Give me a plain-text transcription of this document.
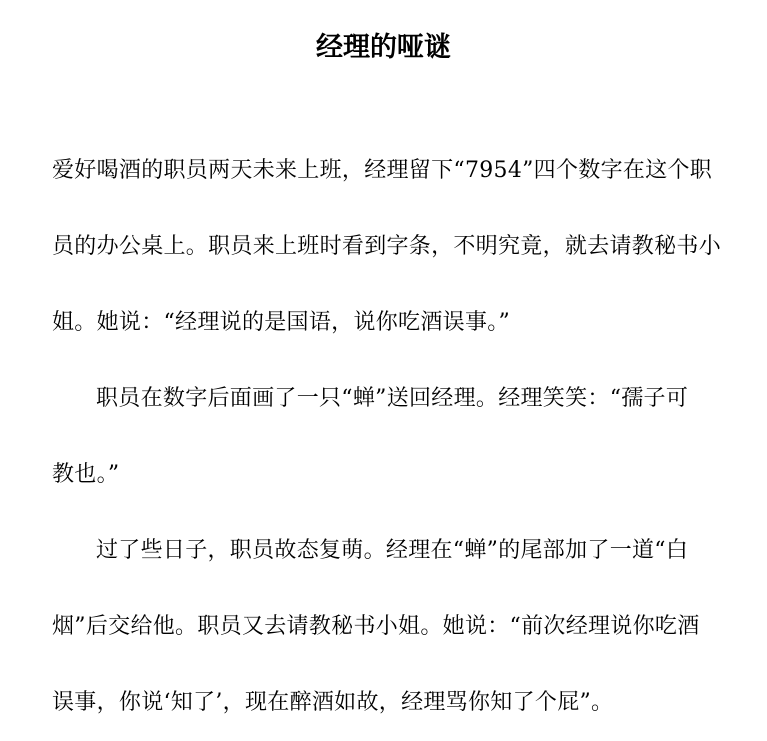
经理的哑谜
爱好喝酒的职员两天未来上班，经理留下“7954”四个数字在这个职
员的办公桌上。职员来上班时看到字条，不明究竟，就去请教秘书小
姐。她说：“经理说的是国语，说你吃酒误事。”
职员在数字后面画了一只“蝉”送回经理。经理笑笑：“孺子可
教也。”
过了些日子，职员故态复萌。经理在“蝉”的尾部加了一道“白
烟”后交给他。职员又去请教秘书小姐。她说：“前次经理说你吃酒
误事，你说‘知了’，现在醉酒如故，经理骂你知了个屁”。
